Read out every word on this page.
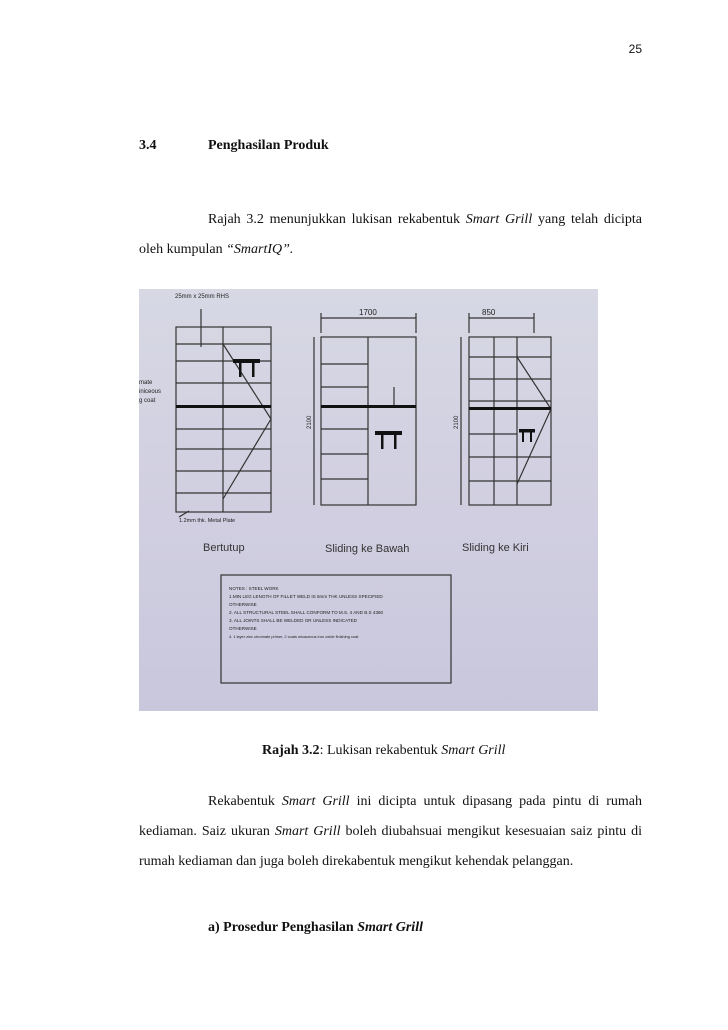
25
3.4	Penghasilan Produk
Rajah 3.2 menunjukkan lukisan rekabentuk Smart Grill yang telah dicipta oleh kumpulan “SmartIQ”.
25mm x 25mm RHS
mate
iniceous
g coat
1700	850
2100	2100
1.2mm thk. Metal Plate
Bertutup	Sliding ke Bawah	Sliding ke Kiri
NOTES : STEEL WORK
1.MIN LEG LENGTH OF FILLET WELD IS 6mm THK UNLESS SPECIFIED
OTHERWISE
2. ALL STRUCTURAL STEEL SHALL CONFORM TO M.S. 4 AND B.S 4360
3. ALL JOINTS SHALL BE WELDED OR UNLESS INDICATED
OTHERWISE
4. 1 layer zinc chromate primer, 2 coats micaceous iron oxide finishing coat
Rajah 3.2: Lukisan rekabentuk Smart Grill
Rekabentuk Smart Grill ini dicipta untuk dipasang pada pintu di rumah kediaman. Saiz ukuran Smart Grill boleh diubahsuai mengikut kesesuaian saiz pintu di rumah kediaman dan juga boleh direkabentuk mengikut kehendak pelanggan.
a) Prosedur Penghasilan Smart Grill
